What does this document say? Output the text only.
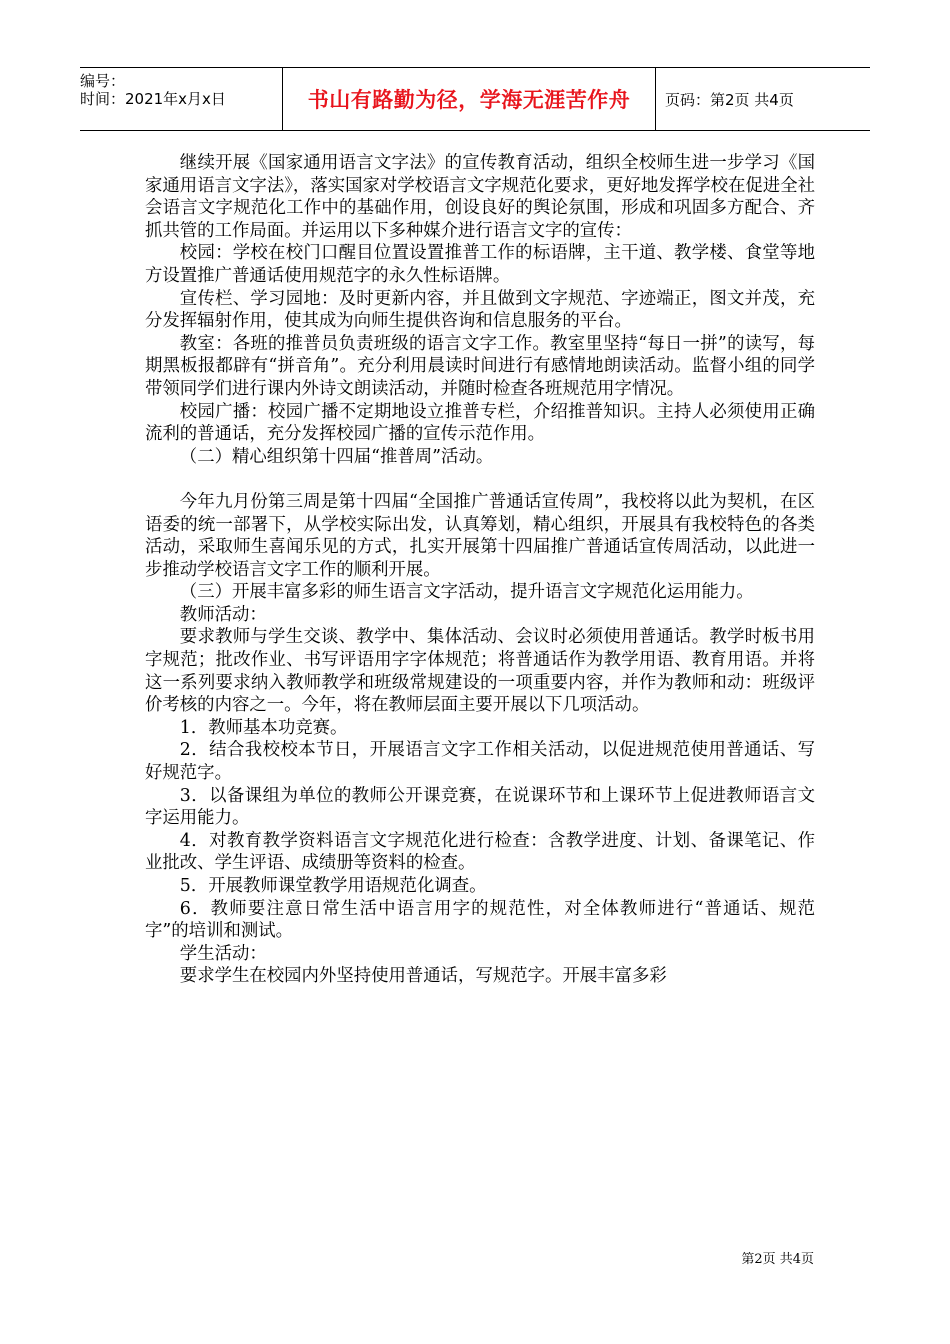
编号：
时间：2021年x月x日	书山有路勤为径，学海无涯苦作舟	页码：第2页 共4页

继续开展《国家通用语言文字法》的宣传教育活动，组织全校师生进一步学习《国家通用语言文字法》，落实国家对学校语言文字规范化要求，更好地发挥学校在促进全社会语言文字规范化工作中的基础作用，创设良好的舆论氛围，形成和巩固多方配合、齐抓共管的工作局面。并运用以下多种媒介进行语言文字的宣传：

校园：学校在校门口醒目位置设置推普工作的标语牌，主干道、教学楼、食堂等地方设置推广普通话使用规范字的永久性标语牌。

宣传栏、学习园地：及时更新内容，并且做到文字规范、字迹端正，图文并茂，充分发挥辐射作用，使其成为向师生提供咨询和信息服务的平台。

教室：各班的推普员负责班级的语言文字工作。教室里坚持“每日一拼”的读写，每期黑板报都辟有“拼音角”。充分利用晨读时间进行有感情地朗读活动。监督小组的同学带领同学们进行课内外诗文朗读活动，并随时检查各班规范用字情况。

校园广播：校园广播不定期地设立推普专栏，介绍推普知识。主持人必须使用正确流利的普通话，充分发挥校园广播的宣传示范作用。

（二）精心组织第十四届“推普周”活动。

今年九月份第三周是第十四届“全国推广普通话宣传周”，我校将以此为契机，在区语委的统一部署下，从学校实际出发，认真筹划，精心组织，开展具有我校特色的各类活动，采取师生喜闻乐见的方式，扎实开展第十四届推广普通话宣传周活动，以此进一步推动学校语言文字工作的顺利开展。

（三）开展丰富多彩的师生语言文字活动，提升语言文字规范化运用能力。

教师活动：

要求教师与学生交谈、教学中、集体活动、会议时必须使用普通话。教学时板书用字规范；批改作业、书写评语用字字体规范；将普通话作为教学用语、教育用语。并将这一系列要求纳入教师教学和班级常规建设的一项重要内容，并作为教师和动：班级评价考核的内容之一。今年，将在教师层面主要开展以下几项活动。

1．教师基本功竞赛。

2．结合我校校本节日，开展语言文字工作相关活动，以促进规范使用普通话、写好规范字。

3．以备课组为单位的教师公开课竞赛，在说课环节和上课环节上促进教师语言文字运用能力。

4．对教育教学资料语言文字规范化进行检查：含教学进度、计划、备课笔记、作业批改、学生评语、成绩册等资料的检查。

5．开展教师课堂教学用语规范化调查。

6．教师要注意日常生活中语言用字的规范性，对全体教师进行“普通话、规范字”的培训和测试。

学生活动：

要求学生在校园内外坚持使用普通话，写规范字。开展丰富多彩

第2页 共4页
